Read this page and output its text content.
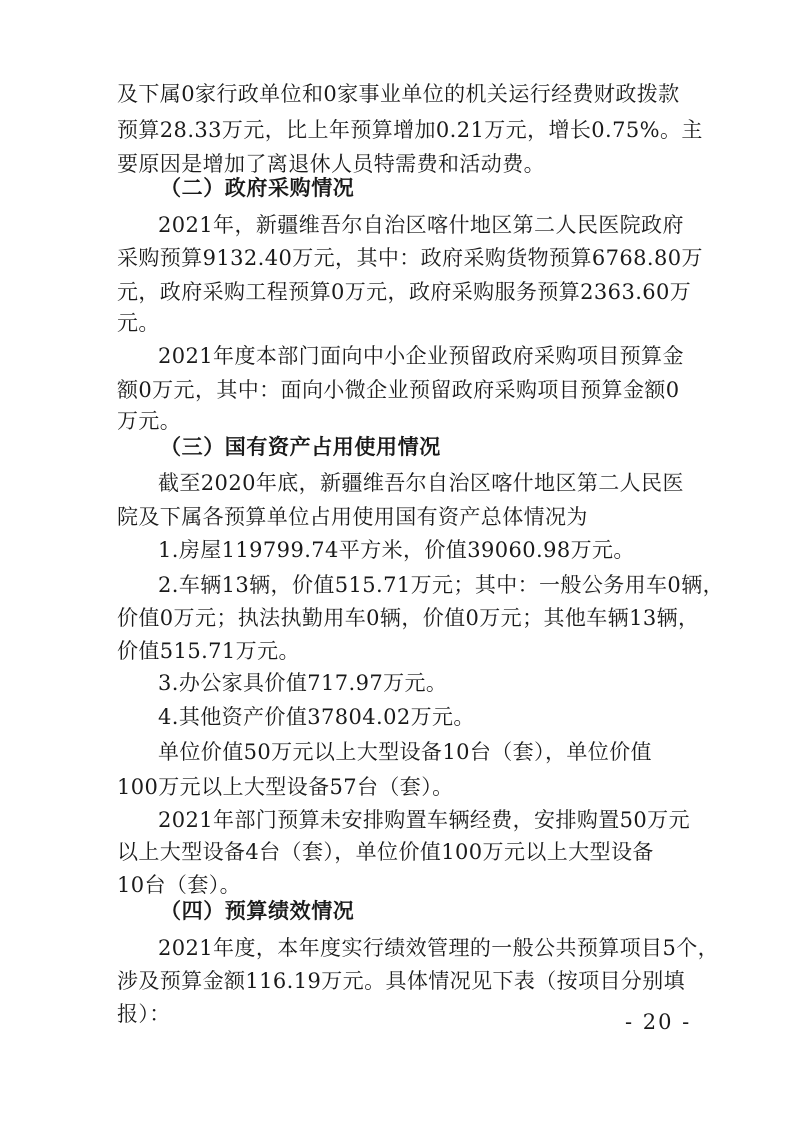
及下属0家行政单位和0家事业单位的机关运行经费财政拨款
预算28.33万元，比上年预算增加0.21万元，增长0.75%。主
要原因是增加了离退休人员特需费和活动费。
（二）政府采购情况
2021年，新疆维吾尔自治区喀什地区第二人民医院政府
采购预算9132.40万元，其中：政府采购货物预算6768.80万
元，政府采购工程预算0万元，政府采购服务预算2363.60万
元。
2021年度本部门面向中小企业预留政府采购项目预算金
额0万元，其中：面向小微企业预留政府采购项目预算金额0
万元。
（三）国有资产占用使用情况
截至2020年底，新疆维吾尔自治区喀什地区第二人民医
院及下属各预算单位占用使用国有资产总体情况为
1.房屋119799.74平方米，价值39060.98万元。
2.车辆13辆，价值515.71万元；其中：一般公务用车0辆，
价值0万元；执法执勤用车0辆，价值0万元；其他车辆13辆，
价值515.71万元。
3.办公家具价值717.97万元。
4.其他资产价值37804.02万元。
单位价值50万元以上大型设备10台（套），单位价值
100万元以上大型设备57台（套）。
2021年部门预算未安排购置车辆经费，安排购置50万元
以上大型设备4台（套），单位价值100万元以上大型设备
10台（套）。
（四）预算绩效情况
2021年度，本年度实行绩效管理的一般公共预算项目5个，
涉及预算金额116.19万元。具体情况见下表（按项目分别填
报）：	- 20 -
